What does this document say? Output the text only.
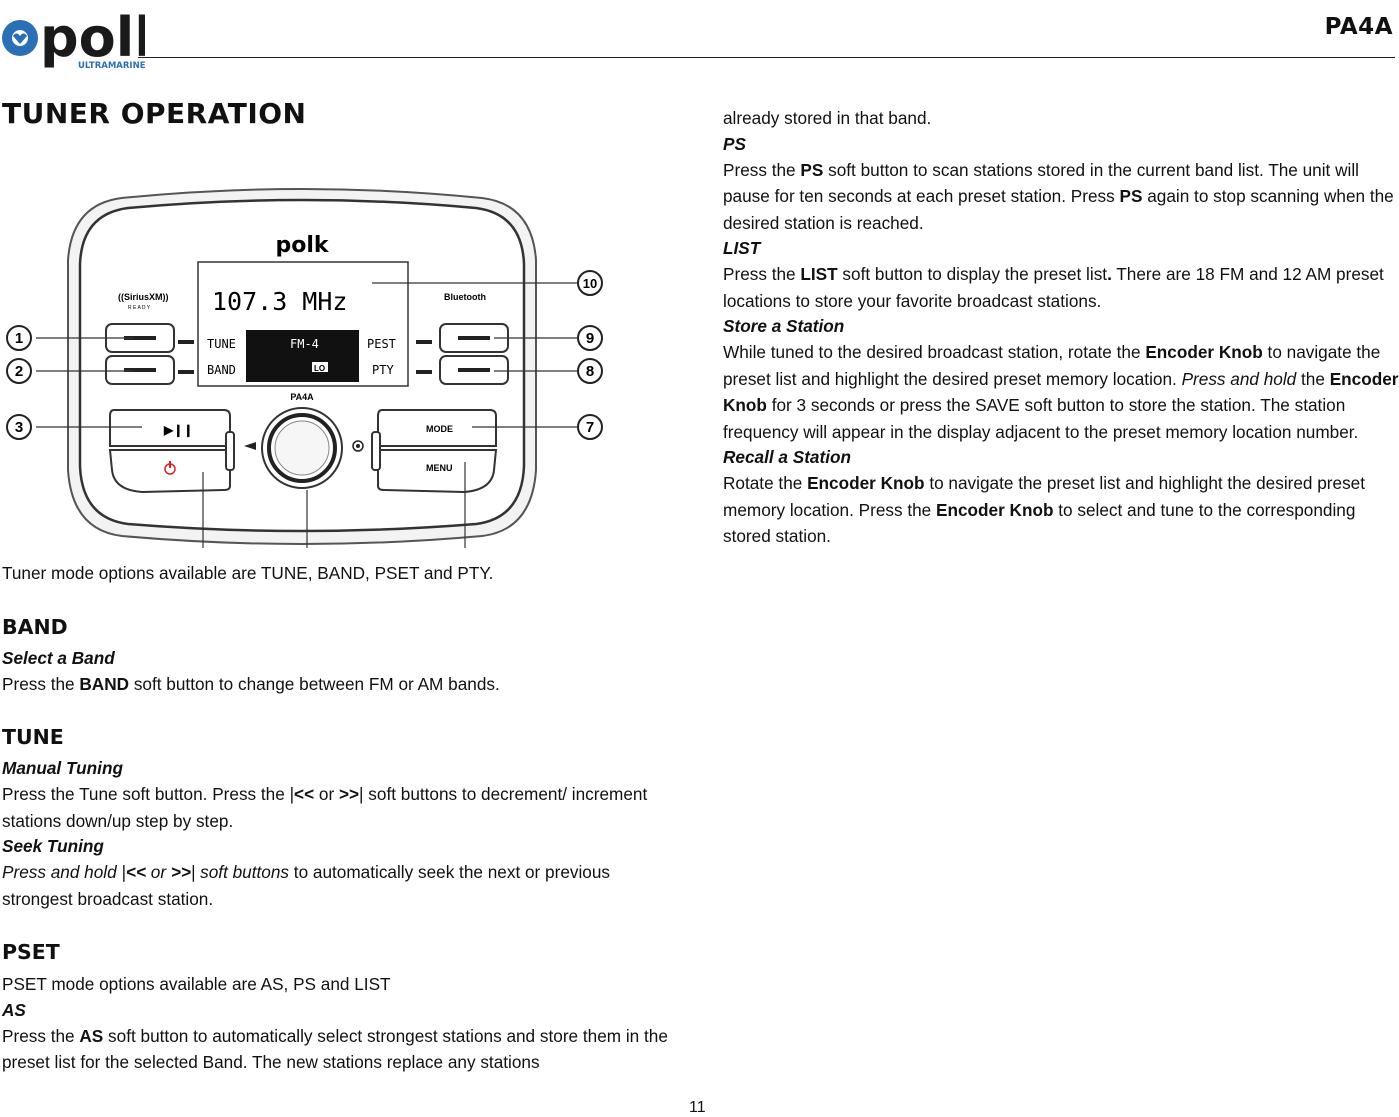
pol
ULTRAMARINE
PA4A
TUNER OPERATION
polk
107.3 MHz
TUNE
BAND
FM-4	PEST
PTY
LO
((SiriusXM))
R E A D Y
Bluetooth
▶❙❙	MODE
MENU
PA4A
1
2
3	7
8
9
10

Tuner mode options available are TUNE, BAND, PSET and PTY.

BAND

Select a Band

Press the BAND soft button to change between FM or AM bands.

TUNE

Manual Tuning

Press the Tune soft button. Press the |<< or >>| soft buttons to decrement/ increment stations down/up step by step.

Seek Tuning

Press and hold |<< or >>| soft buttons to automatically seek the next or previous strongest broadcast station.

PSET

PSET mode options available are AS, PS and LIST

AS

Press the AS soft button to automatically select strongest stations and store them in the preset list for the selected Band. The new stations replace any stations

already stored in that band.

PS

Press the PS soft button to scan stations stored in the current band list. The unit will pause for ten seconds at each preset station. Press PS again to stop scanning when the desired station is reached.

LIST

Press the LIST soft button to display the preset list. There are 18 FM and 12 AM preset locations to store your favorite broadcast stations.

Store a Station

While tuned to the desired broadcast station, rotate the Encoder Knob to navigate the preset list and highlight the desired preset memory location. Press and hold the Encoder Knob for 3 seconds or press the SAVE soft button to store the station. The station frequency will appear in the display adjacent to the preset memory location number.

Recall a Station

Rotate the Encoder Knob to navigate the preset list and highlight the desired preset memory location. Press the Encoder Knob to select and tune to the corresponding stored station.

11
